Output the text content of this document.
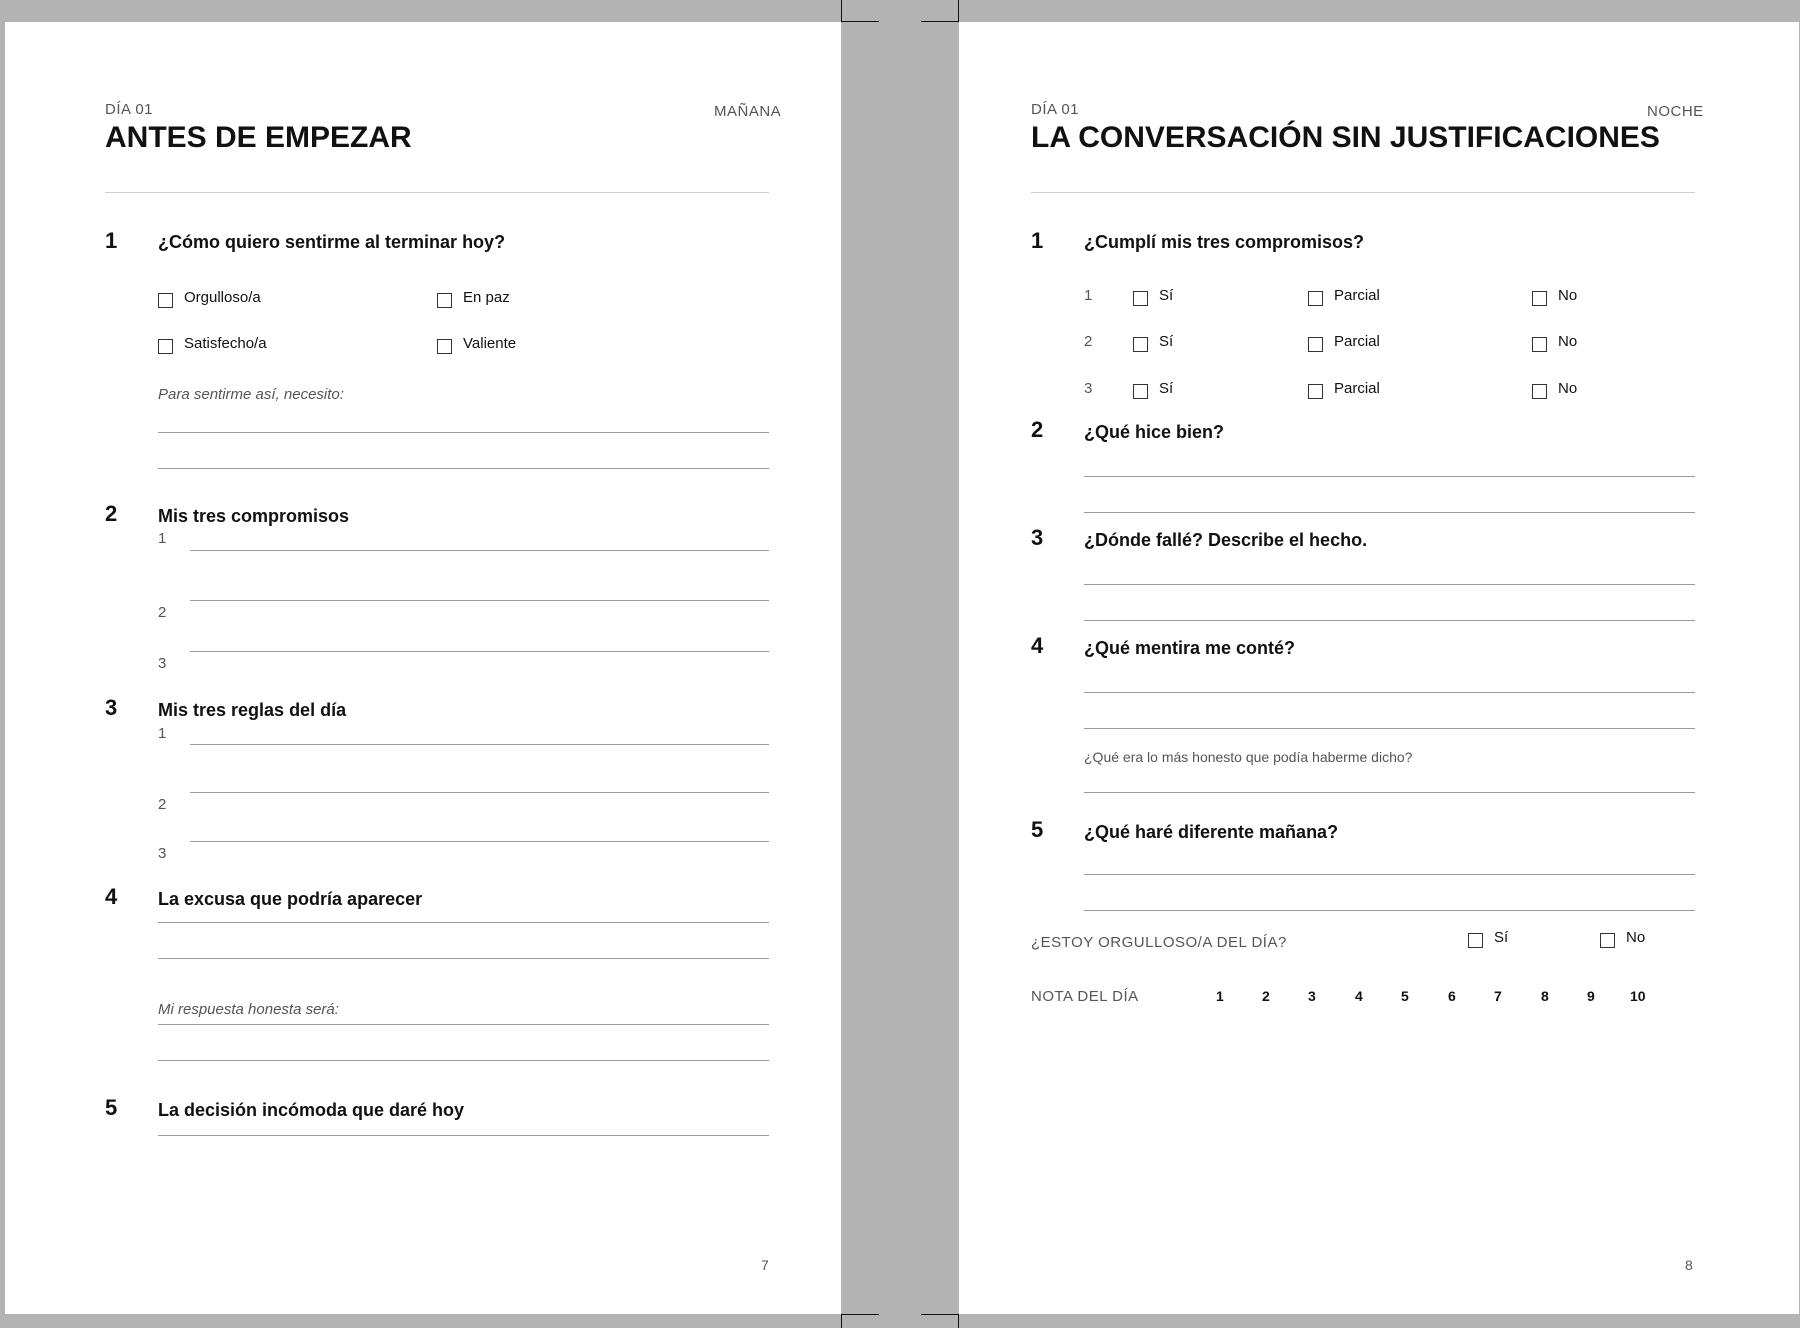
DÍA 01	MAÑANA
ANTES DE EMPEZAR
1 ¿Cómo quiero sentirme al terminar hoy?
Orgulloso/a	En paz
Satisfecho/a	Valiente
Para sentirme así, necesito:
2 Mis tres compromisos
1
2
3
3 Mis tres reglas del día
1
2
3
4 La excusa que podría aparecer
Mi respuesta honesta será:
5 La decisión incómoda que daré hoy
7
DÍA 01	NOCHE
LA CONVERSACIÓN SIN JUSTIFICACIONES
1 ¿Cumplí mis tres compromisos?
1	Sí	Parcial	No
2	Sí	Parcial	No
3	Sí	Parcial	No
2 ¿Qué hice bien?
3 ¿Dónde fallé? Describe el hecho.
4 ¿Qué mentira me conté?
¿Qué era lo más honesto que podía haberme dicho?
5 ¿Qué haré diferente mañana?
¿ESTOY ORGULLOSO/A DEL DÍA?	Sí	No
NOTA DEL DÍA	1	2	3	4	5	6	7	8	9	10
8
